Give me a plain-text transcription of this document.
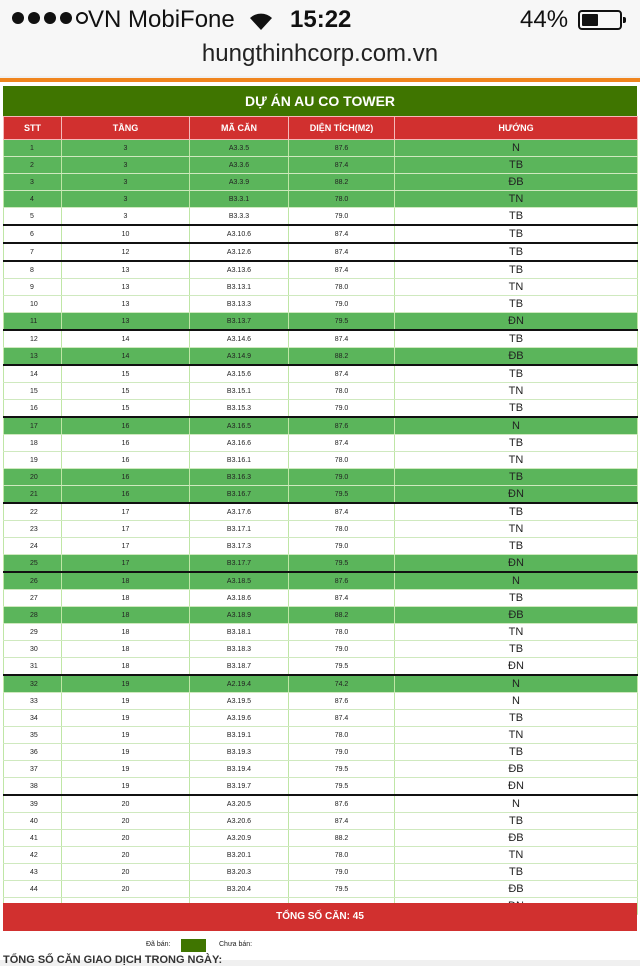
VN MobiFone 15:22	44%
hungthinhcorp.com.vn
DỰ ÁN AU CO TOWER
STT	TẦNG	MÃ CĂN	DIỆN TÍCH(M2)	HƯỚNG
1	3	A3.3.5	87.6	N
2	3	A3.3.6	87.4	TB
3	3	A3.3.9	88.2	ĐB
4	3	B3.3.1	78.0	TN
5	3	B3.3.3	79.0	TB
6	10	A3.10.6	87.4	TB
7	12	A3.12.6	87.4	TB
8	13	A3.13.6	87.4	TB
9	13	B3.13.1	78.0	TN
10	13	B3.13.3	79.0	TB
11	13	B3.13.7	79.5	ĐN
12	14	A3.14.6	87.4	TB
13	14	A3.14.9	88.2	ĐB
14	15	A3.15.6	87.4	TB
15	15	B3.15.1	78.0	TN
16	15	B3.15.3	79.0	TB
17	16	A3.16.5	87.6	N
18	16	A3.16.6	87.4	TB
19	16	B3.16.1	78.0	TN
20	16	B3.16.3	79.0	TB
21	16	B3.16.7	79.5	ĐN
22	17	A3.17.6	87.4	TB
23	17	B3.17.1	78.0	TN
24	17	B3.17.3	79.0	TB
25	17	B3.17.7	79.5	ĐN
26	18	A3.18.5	87.6	N
27	18	A3.18.6	87.4	TB
28	18	A3.18.9	88.2	ĐB
29	18	B3.18.1	78.0	TN
30	18	B3.18.3	79.0	TB
31	18	B3.18.7	79.5	ĐN
32	19	A2.19.4	74.2	N
33	19	A3.19.5	87.6	N
34	19	A3.19.6	87.4	TB
35	19	B3.19.1	78.0	TN
36	19	B3.19.3	79.0	TB
37	19	B3.19.4	79.5	ĐB
38	19	B3.19.7	79.5	ĐN
39	20	A3.20.5	87.6	N
40	20	A3.20.6	87.4	TB
41	20	A3.20.9	88.2	ĐB
42	20	B3.20.1	78.0	TN
43	20	B3.20.3	79.0	TB
44	20	B3.20.4	79.5	ĐB

TỔNG SỐ CĂN: 45
Đã bán:	Chưa bán:
TỔNG SỐ CĂN GIAO DỊCH TRONG NGÀY:
